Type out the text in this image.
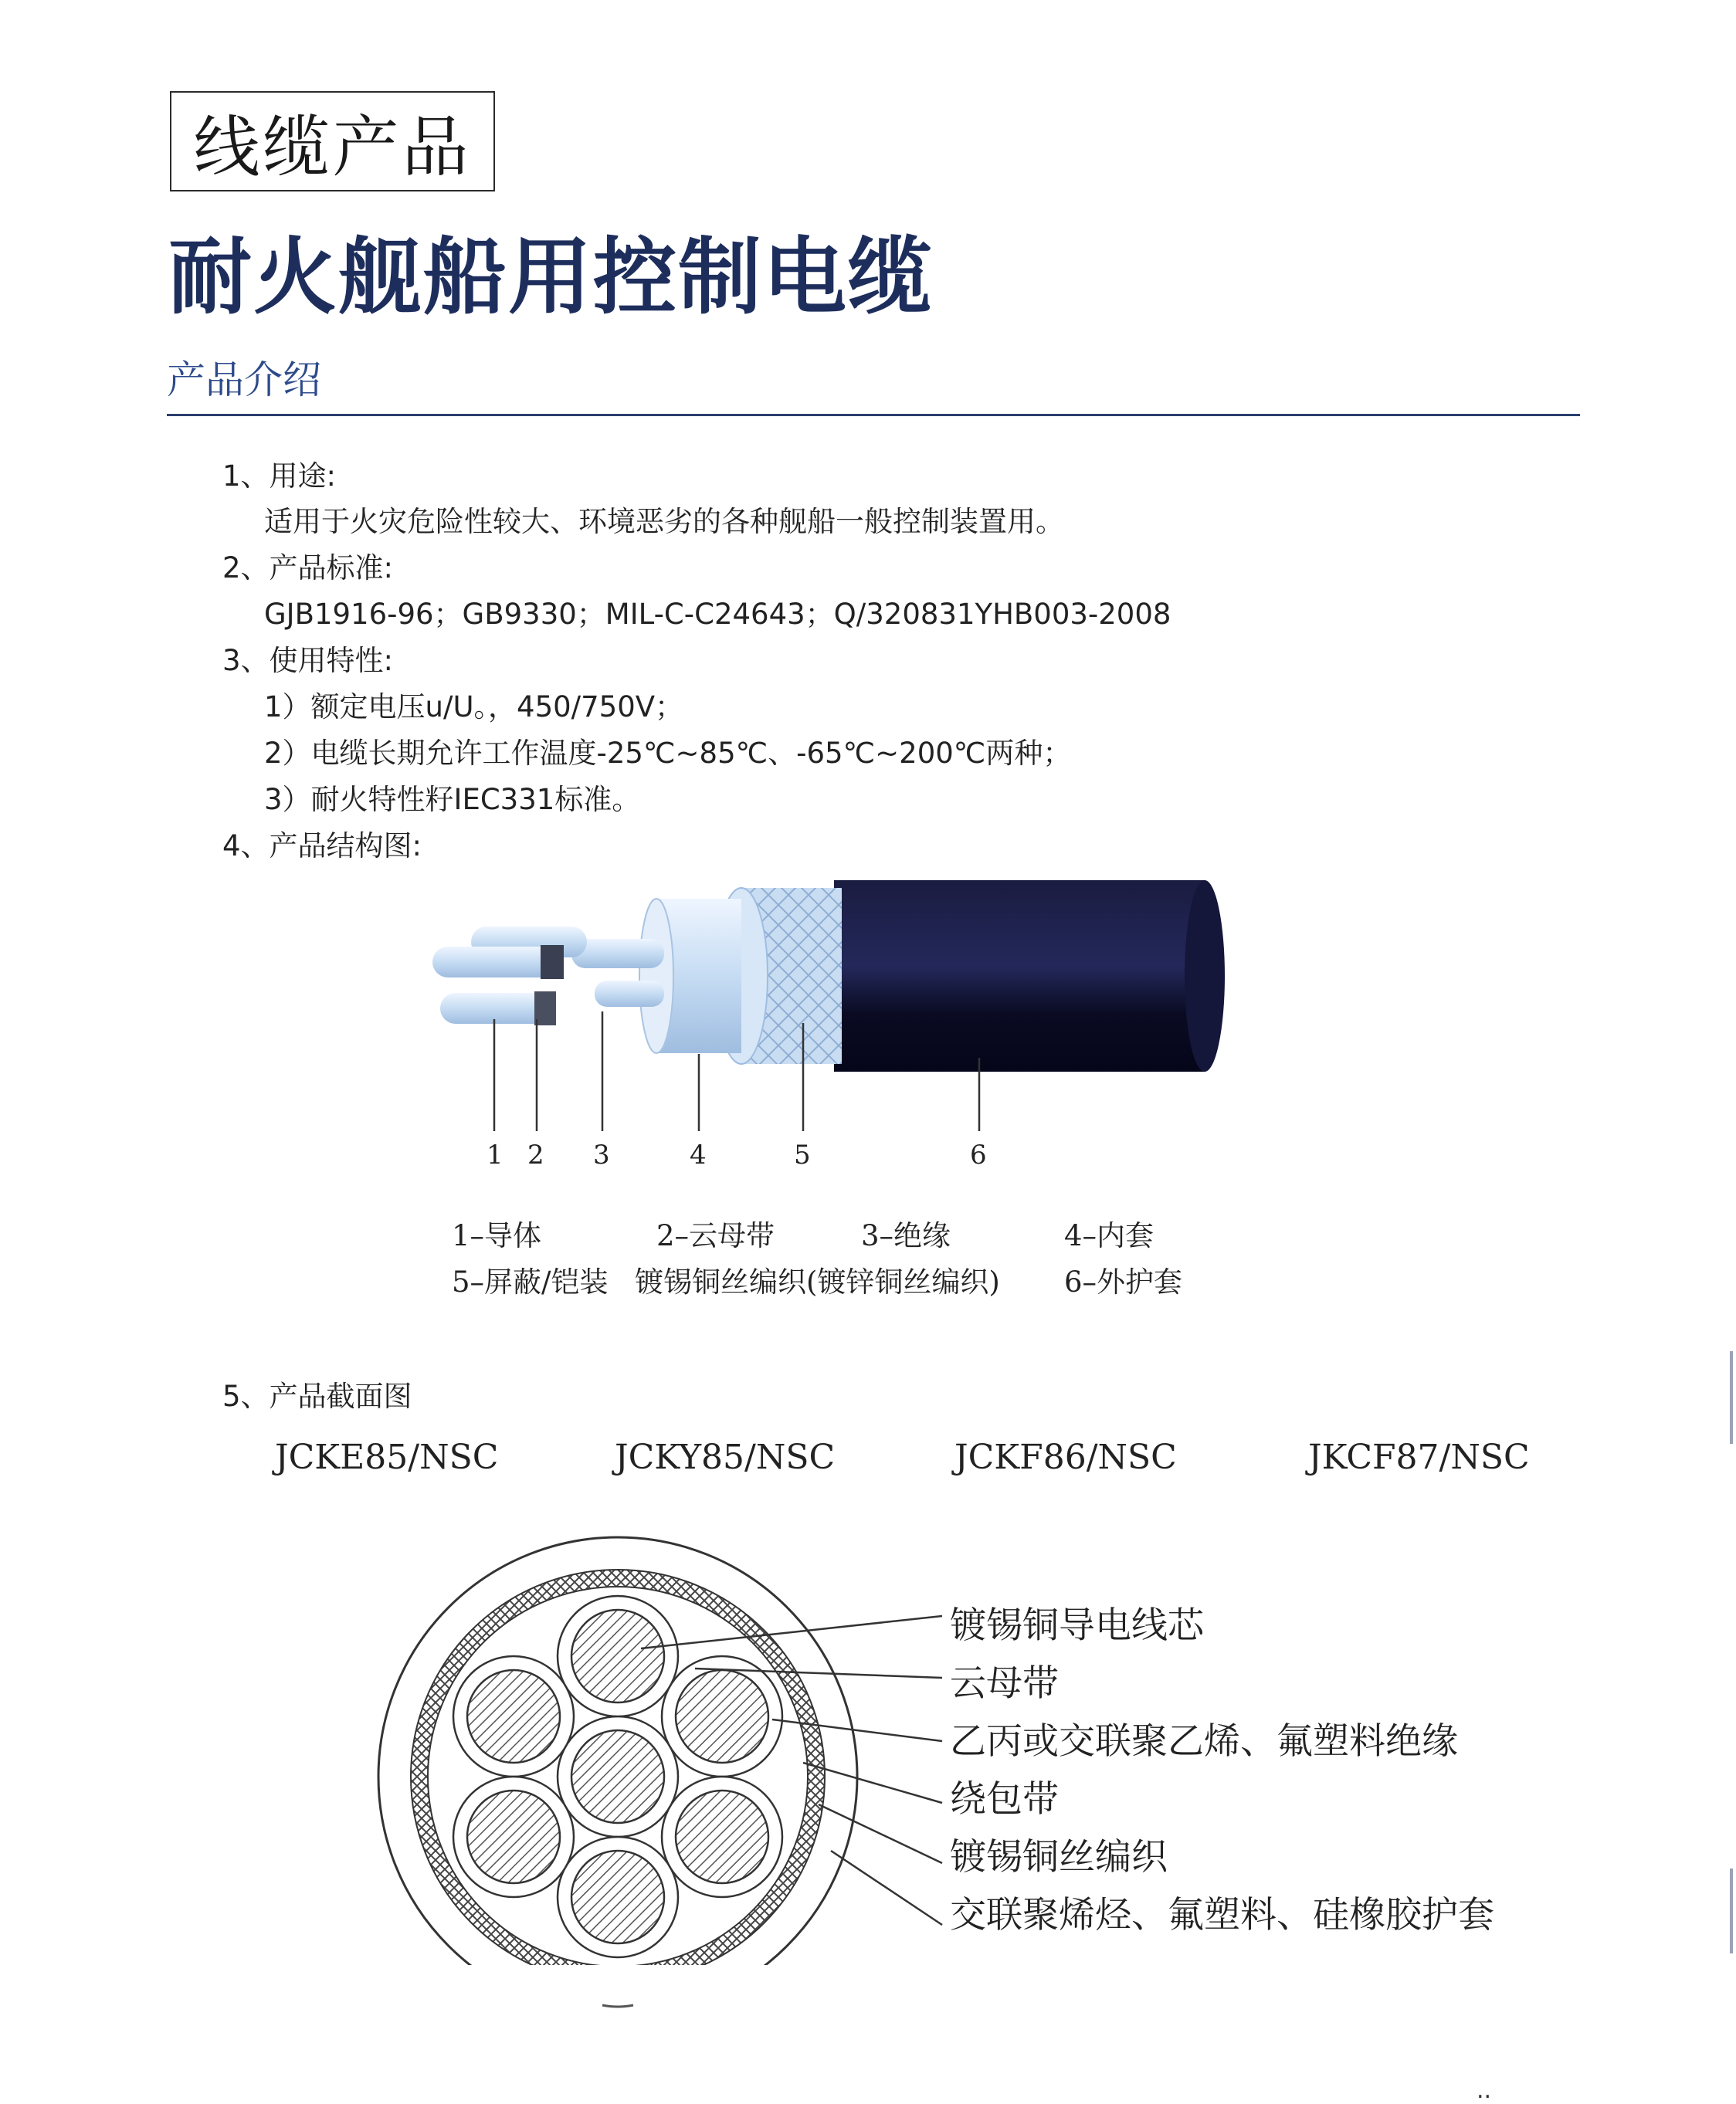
线缆产品
耐火舰船用控制电缆
产品介绍
1、用途:
适用于火灾危险性较大、环境恶劣的各种舰船一般控制装置用。
2、产品标准:
GJB1916-96；GB9330；MIL-C-C24643；Q/320831YHB003-2008
3、使用特性:
1）额定电压u/U。，450/750V；
2）电缆长期允许工作温度-25℃~85℃、-65℃~200℃两种；
3）耐火特性籽IEC331标准。
4、产品结构图:
1 2 3	4	5	6
1–导体	2–云母带	3–绝缘	4–内套
5–屏蔽/铠装 镀锡铜丝编织(镀锌铜丝编织) 6–外护套
5、产品截面图
JCKE85/NSC	JCKY85/NSC	JCKF86/NSC	JKCF87/NSC
镀锡铜导电线芯
云母带
乙丙或交联聚乙烯、氟塑料绝缘
绕包带
镀锡铜丝编织
交联聚烯烃、氟塑料、硅橡胶护套
..
